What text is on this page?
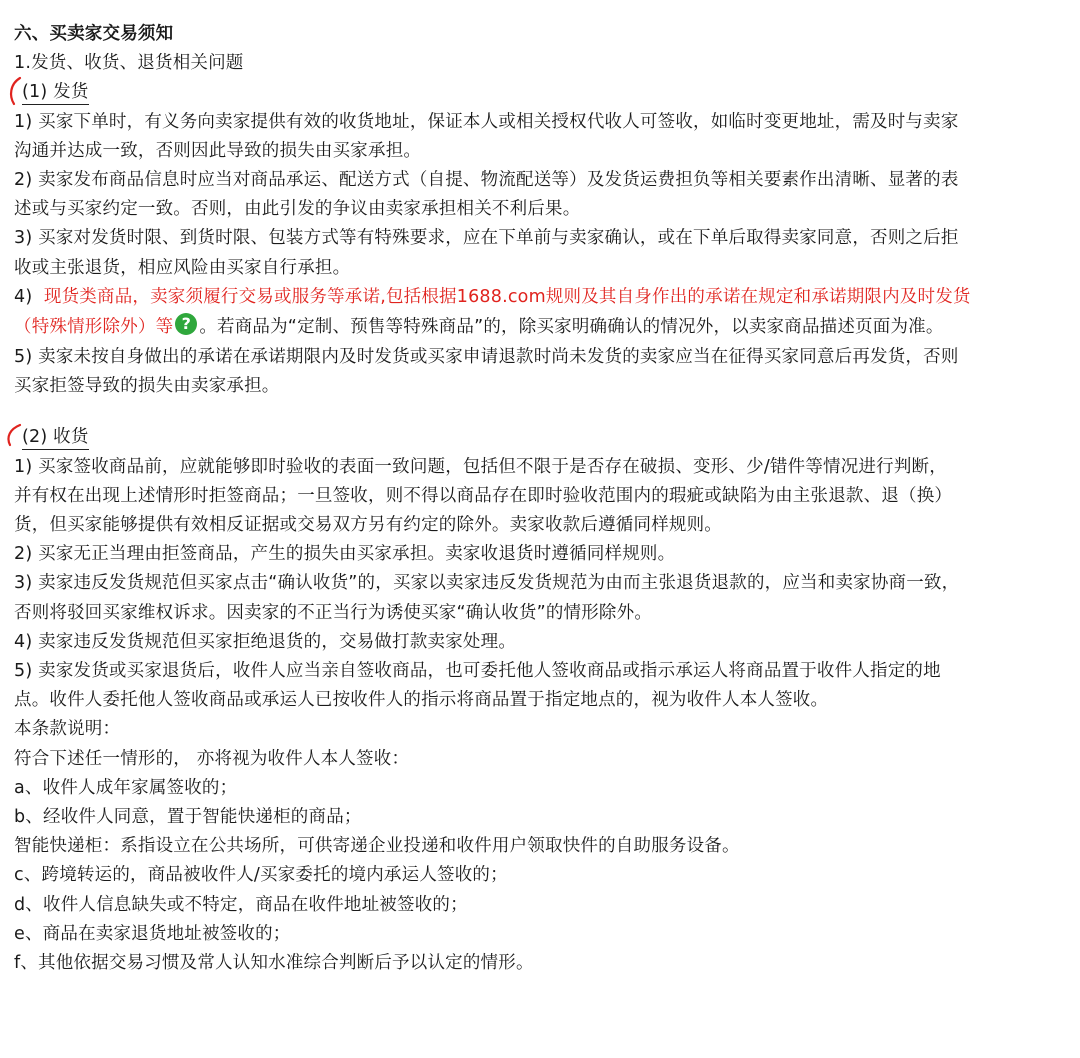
六、买卖家交易须知
1.发货、收货、退货相关问题
(1) 发货
1) 买家下单时，有义务向卖家提供有效的收货地址，保证本人或相关授权代收人可签收，如临时变更地址，需及时与卖家
沟通并达成一致，否则因此导致的损失由买家承担。
2) 卖家发布商品信息时应当对商品承运、配送方式（自提、物流配送等）及发货运费担负等相关要素作出清晰、显著的表
述或与买家约定一致。否则，由此引发的争议由卖家承担相关不利后果。
3) 买家对发货时限、到货时限、包装方式等有特殊要求，应在下单前与卖家确认，或在下单后取得卖家同意，否则之后拒
收或主张退货，相应风险由买家自行承担。
4)  现货类商品，卖家须履行交易或服务等承诺,包括根据1688.com规则及其自身作出的承诺在规定和承诺期限内及时发货
（特殊情形除外）等 ? 。若商品为“定制、预售等特殊商品”的，除买家明确确认的情况外，以卖家商品描述页面为准。
5) 卖家未按自身做出的承诺在承诺期限内及时发货或买家申请退款时尚未发货的卖家应当在征得买家同意后再发货，否则
买家拒签导致的损失由卖家承担。
(2) 收货
1) 买家签收商品前，应就能够即时验收的表面一致问题，包括但不限于是否存在破损、变形、少/错件等情况进行判断，
并有权在出现上述情形时拒签商品；一旦签收，则不得以商品存在即时验收范围内的瑕疵或缺陷为由主张退款、退（换）
货，但买家能够提供有效相反证据或交易双方另有约定的除外。卖家收款后遵循同样规则。
2) 买家无正当理由拒签商品，产生的损失由买家承担。卖家收退货时遵循同样规则。
3) 卖家违反发货规范但买家点击“确认收货”的，买家以卖家违反发货规范为由而主张退货退款的，应当和卖家协商一致，
否则将驳回买家维权诉求。因卖家的不正当行为诱使买家“确认收货”的情形除外。
4) 卖家违反发货规范但买家拒绝退货的，交易做打款卖家处理。
5) 卖家发货或买家退货后，收件人应当亲自签收商品，也可委托他人签收商品或指示承运人将商品置于收件人指定的地
点。收件人委托他人签收商品或承运人已按收件人的指示将商品置于指定地点的，视为收件人本人签收。
本条款说明：
符合下述任一情形的， 亦将视为收件人本人签收：
a、收件人成年家属签收的；
b、经收件人同意，置于智能快递柜的商品；
智能快递柜：系指设立在公共场所，可供寄递企业投递和收件用户领取快件的自助服务设备。
c、跨境转运的，商品被收件人/买家委托的境内承运人签收的；
d、收件人信息缺失或不特定，商品在收件地址被签收的；
e、商品在卖家退货地址被签收的；
f、其他依据交易习惯及常人认知水准综合判断后予以认定的情形。
